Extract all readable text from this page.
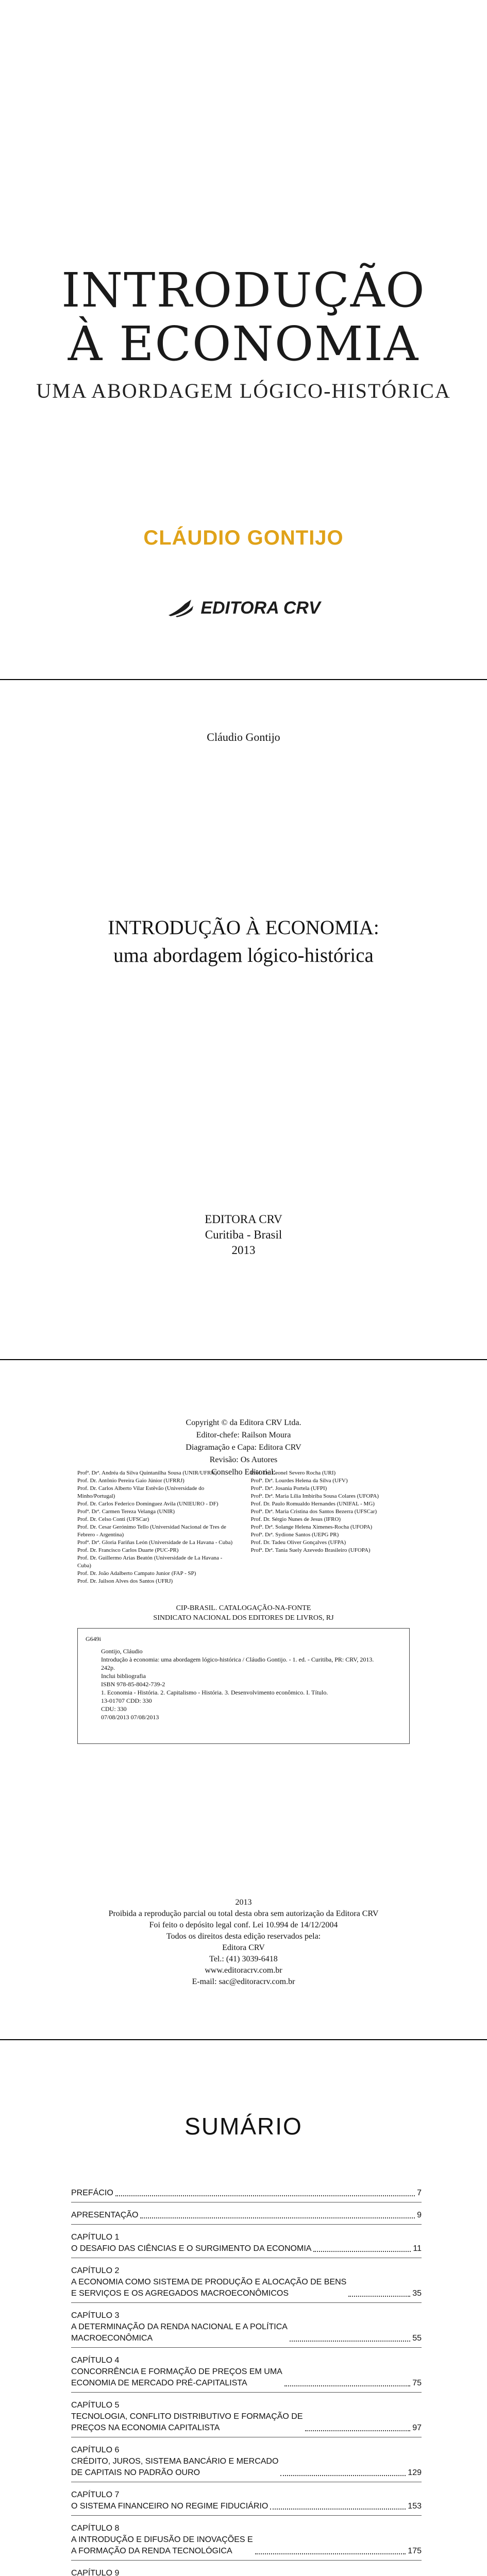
INTRODUÇÃO
À ECONOMIA
UMA ABORDAGEM LÓGICO-HISTÓRICA
CLÁUDIO GONTIJO
EDITORA CRV
Cláudio Gontijo
INTRODUÇÃO À ECONOMIA:
uma abordagem lógico-histórica
EDITORA CRV
Curitiba - Brasil
2013
Copyright © da Editora CRV Ltda.
Editor-chefe: Railson Moura
Diagramação e Capa: Editora CRV
Revisão: Os Autores
Conselho Editorial:
Profª. Drª. Andréa da Silva Quintanilha Sousa (UNIR/UFRN)
Prof. Dr. Antônio Pereira Gaio Júnior (UFRRJ)
Prof. Dr. Carlos Alberto Vilar Estêvão (Universidade do Minho/Portugal)
Prof. Dr. Carlos Federico Dominguez Avila (UNIEURO - DF)
Profª. Drª. Carmen Tereza Velanga (UNIR)
Prof. Dr. Celso Conti (UFSCar)
Prof. Dr. Cesar Gerónimo Tello (Universidad Nacional de Tres de Febrero - Argentina)
Profª. Drª. Gloria Fariñas León (Universidade de La Havana - Cuba)
Prof. Dr. Francisco Carlos Duarte (PUC-PR)
Prof. Dr. Guillermo Arias Beatón (Universidade de La Havana - Cuba)
Prof. Dr. João Adalberto Campato Junior (FAP - SP)
Prof. Dr. Jailson Alves dos Santos (UFRJ)
Prof. Dr. Leonel Severo Rocha (URI)
Profª. Drª. Lourdes Helena da Silva (UFV)
Profª. Drª. Josania Portela (UFPI)
Profª. Drª. Maria Lília Imbiriba Sousa Colares (UFOPA)
Prof. Dr. Paulo Romualdo Hernandes (UNIFAL - MG)
Profª. Drª. Maria Cristina dos Santos Bezerra (UFSCar)
Prof. Dr. Sérgio Nunes de Jesus (IFRO)
Profª. Drª. Solange Helena Ximenes-Rocha (UFOPA)
Profª. Drª. Sydione Santos (UEPG PR)
Prof. Dr. Tadeu Oliver Gonçalves (UFPA)
Profª. Drª. Tania Suely Azevedo Brasileiro (UFOPA)
CIP-BRASIL. CATALOGAÇÃO-NA-FONTE
SINDICATO NACIONAL DOS EDITORES DE LIVROS, RJ
G649i
Gontijo, Cláudio
Introdução à economia: uma abordagem lógico-histórica / Cláudio Gontijo. - 1. ed. - Curitiba, PR: CRV, 2013.
242p.
Inclui bibliografia
ISBN 978-85-8042-739-2
1. Economia - História. 2. Capitalismo - História. 3. Desenvolvimento econômico. I. Título.
13-01707 CDD: 330
CDU: 330
07/08/2013 07/08/2013
2013
Proibida a reprodução parcial ou total desta obra sem autorização da Editora CRV
Foi feito o depósito legal conf. Lei 10.994 de 14/12/2004
Todos os direitos desta edição reservados pela:
Editora CRV
Tel.: (41) 3039-6418
www.editoracrv.com.br
E-mail: sac@editoracrv.com.br
SUMÁRIO
PREFÁCIO	7
APRESENTAÇÃO	9
CAPÍTULO 1
O DESAFIO DAS CIÊNCIAS E O SURGIMENTO DA ECONOMIA	11
CAPÍTULO 2
A ECONOMIA COMO SISTEMA DE PRODUÇÃO E ALOCAÇÃO DE BENS
E SERVIÇOS E OS AGREGADOS MACROECONÔMICOS	35
CAPÍTULO 3
A DETERMINAÇÃO DA RENDA NACIONAL E A POLÍTICA
MACROECONÔMICA	55
CAPÍTULO 4
CONCORRÊNCIA E FORMAÇÃO DE PREÇOS EM UMA
ECONOMIA DE MERCADO PRÉ-CAPITALISTA	75
CAPÍTULO 5
TECNOLOGIA, CONFLITO DISTRIBUTIVO E FORMAÇÃO DE
PREÇOS NA ECONOMIA CAPITALISTA	97
CAPÍTULO 6
CRÉDITO, JUROS, SISTEMA BANCÁRIO E MERCADO
DE CAPITAIS NO PADRÃO OURO	129
CAPÍTULO 7
O SISTEMA FINANCEIRO NO REGIME FIDUCIÁRIO	153
CAPÍTULO 8
A INTRODUÇÃO E DIFUSÃO DE INOVAÇÕES E
A FORMAÇÃO DA RENDA TECNOLÓGICA	175
CAPÍTULO 9
